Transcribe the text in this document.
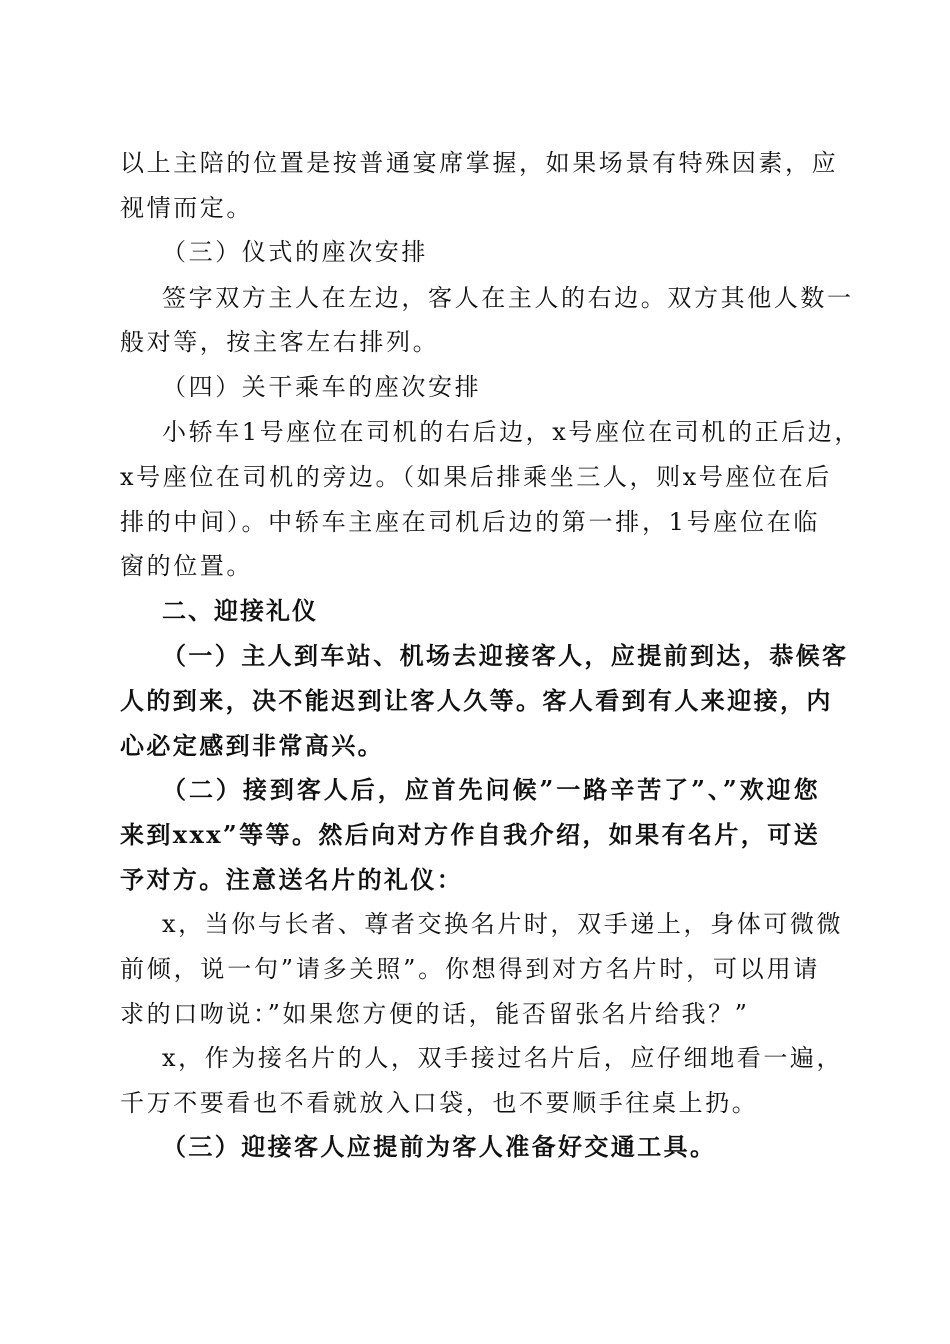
以上主陪的位置是按普通宴席掌握，如果场景有特殊因素，应
视情而定。
（三）仪式的座次安排
签字双方主人在左边，客人在主人的右边。双方其他人数一
般对等，按主客左右排列。
（四）关干乘车的座次安排
小轿车1号座位在司机的右后边，x号座位在司机的正后边，
x号座位在司机的旁边。（如果后排乘坐三人，则x号座位在后
排的中间）。中轿车主座在司机后边的第一排，1号座位在临
窗的位置。
二、迎接礼仪
（一）主人到车站、机场去迎接客人，应提前到达，恭候客
人的到来，决不能迟到让客人久等。客人看到有人来迎接，内
心必定感到非常高兴。
（二）接到客人后，应首先问候”一路辛苦了”、”欢迎您
来到xxx”等等。然后向对方作自我介绍，如果有名片，可送
予对方。注意送名片的礼仪：
x，当你与长者、尊者交换名片时，双手递上，身体可微微
前倾，说一句”请多关照”。你想得到对方名片时，可以用请
求的口吻说：”如果您方便的话，能否留张名片给我？”
x，作为接名片的人，双手接过名片后，应仔细地看一遍，
千万不要看也不看就放入口袋，也不要顺手往桌上扔。
（三）迎接客人应提前为客人准备好交通工具。
